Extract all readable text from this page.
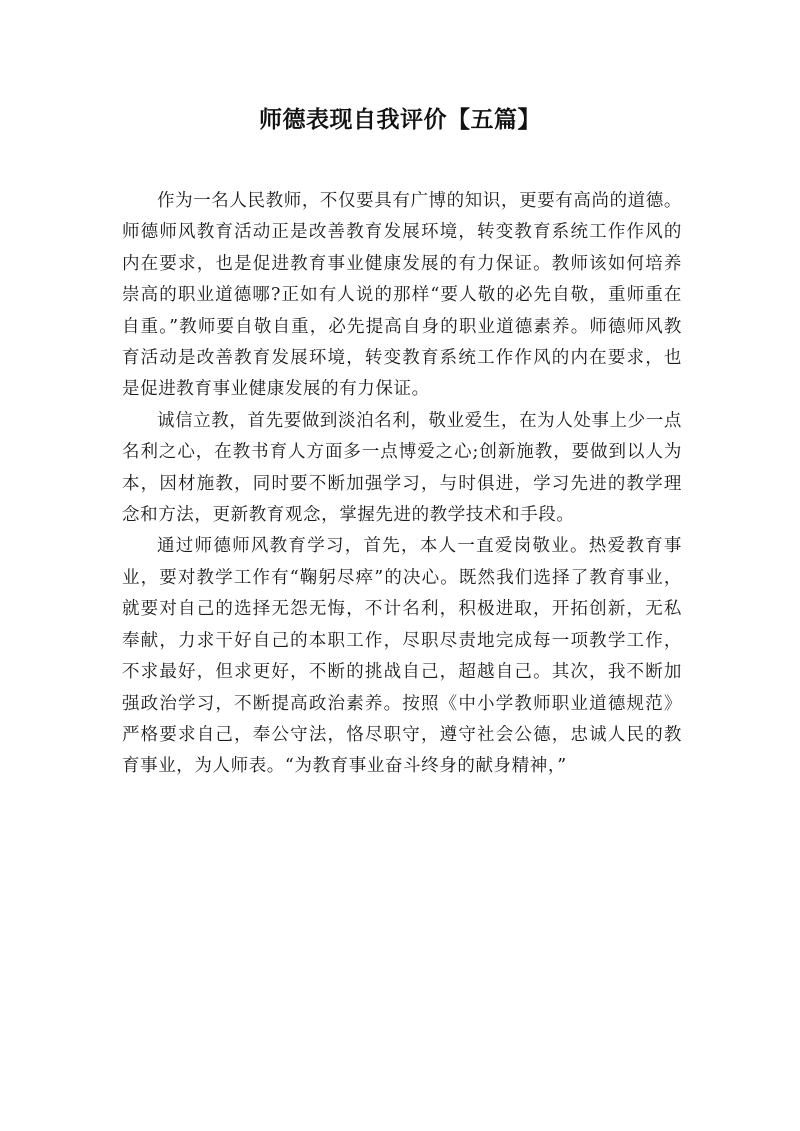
师德表现自我评价【五篇】

作为一名人民教师，不仅要具有广博的知识，更要有高尚的道德。师德师风教育活动正是改善教育发展环境，转变教育系统工作作风的内在要求，也是促进教育事业健康发展的有力保证。教师该如何培养崇高的职业道德哪?正如有人说的那样“要人敬的必先自敬，重师重在自重。”教师要自敬自重，必先提高自身的职业道德素养。师德师风教育活动是改善教育发展环境，转变教育系统工作作风的内在要求，也是促进教育事业健康发展的有力保证。

诚信立教，首先要做到淡泊名利，敬业爱生，在为人处事上少一点名利之心，在教书育人方面多一点博爱之心;创新施教，要做到以人为本，因材施教，同时要不断加强学习，与时俱进，学习先进的教学理念和方法，更新教育观念，掌握先进的教学技术和手段。

通过师德师风教育学习，首先，本人一直爱岗敬业。热爱教育事业，要对教学工作有“鞠躬尽瘁”的决心。既然我们选择了教育事业，就要对自己的选择无怨无悔，不计名利，积极进取，开拓创新，无私奉献，力求干好自己的本职工作，尽职尽责地完成每一项教学工作，不求最好，但求更好，不断的挑战自己，超越自己。其次，我不断加强政治学习，不断提高政治素养。按照《中小学教师职业道德规范》严格要求自己，奉公守法，恪尽职守，遵守社会公德，忠诚人民的教育事业，为人师表。“为教育事业奋斗终身的献身精神，”
